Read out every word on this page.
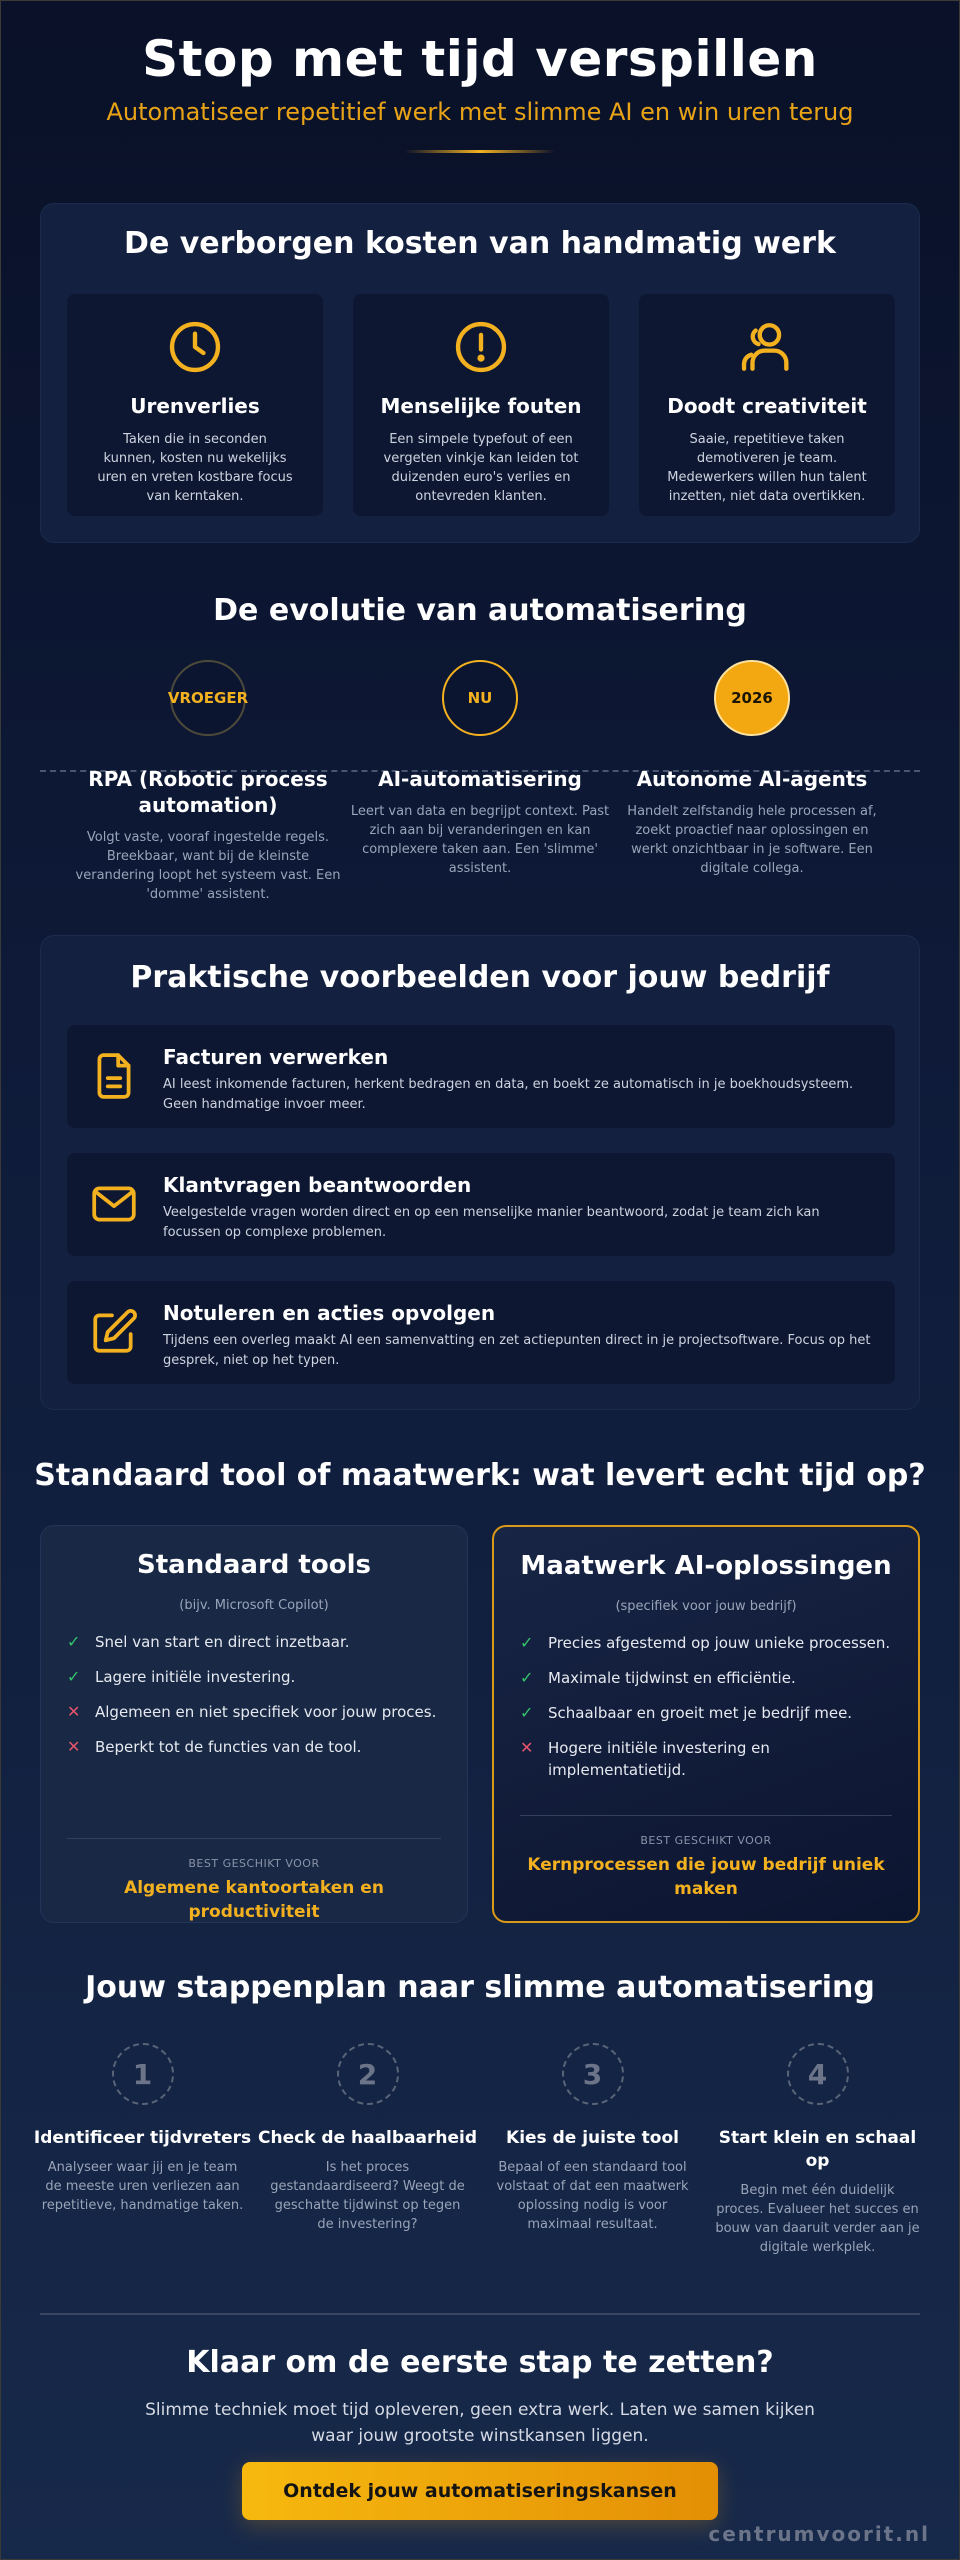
Stop met tijd verspillen
Automatiseer repetitief werk met slimme AI en win uren terug
De verborgen kosten van handmatig werk
Urenverlies

Taken die in seconden kunnen, kosten nu wekelijks uren en vreten kostbare focus van kerntaken.

Menselijke fouten

Een simpele typefout of een vergeten vinkje kan leiden tot duizenden euro's verlies en ontevreden klanten.

Doodt creativiteit

Saaie, repetitieve taken demotiveren je team. Medewerkers willen hun talent inzetten, niet data overtikken.

De evolutie van automatisering
VROEGER
RPA (Robotic process automation)

Volgt vaste, vooraf ingestelde regels. Breekbaar, want bij de kleinste verandering loopt het systeem vast. Een 'domme' assistent.

NU
AI-automatisering

Leert van data en begrijpt context. Past zich aan bij veranderingen en kan complexere taken aan. Een 'slimme' assistent.

2026
Autonome AI-agents

Handelt zelfstandig hele processen af, zoekt proactief naar oplossingen en werkt onzichtbaar in je software. Een digitale collega.

Praktische voorbeelden voor jouw bedrijf
Facturen verwerken

AI leest inkomende facturen, herkent bedragen en data, en boekt ze automatisch in je boekhoudsysteem. Geen handmatige invoer meer.

Klantvragen beantwoorden

Veelgestelde vragen worden direct en op een menselijke manier beantwoord, zodat je team zich kan focussen op complexe problemen.

Notuleren en acties opvolgen

Tijdens een overleg maakt AI een samenvatting en zet actiepunten direct in je projectsoftware. Focus op het gesprek, niet op het typen.

Standaard tool of maatwerk: wat levert echt tijd op?
Standaard tools
(bijv. Microsoft Copilot)
✓ Snel van start en direct inzetbaar.
✓ Lagere initiële investering.
✕ Algemeen en niet specifiek voor jouw proces.
✕ Beperkt tot de functies van de tool.
BEST GESCHIKT VOOR
Algemene kantoortaken en productiviteit
Maatwerk AI-oplossingen
(specifiek voor jouw bedrijf)
✓ Precies afgestemd op jouw unieke processen.
✓ Maximale tijdwinst en efficiëntie.
✓ Schaalbaar en groeit met je bedrijf mee.
✕ Hogere initiële investering en implementatietijd.
BEST GESCHIKT VOOR
Kernprocessen die jouw bedrijf uniek maken
Jouw stappenplan naar slimme automatisering
1
Identificeer tijdvreters

Analyseer waar jij en je team de meeste uren verliezen aan repetitieve, handmatige taken.

2
Check de haalbaarheid

Is het proces gestandaardiseerd? Weegt de geschatte tijdwinst op tegen de investering?

3
Kies de juiste tool

Bepaal of een standaard tool volstaat of dat een maatwerk oplossing nodig is voor maximaal resultaat.

4
Start klein en schaal op

Begin met één duidelijk proces. Evalueer het succes en bouw van daaruit verder aan je digitale werkplek.

Klaar om de eerste stap te zetten?

Slimme techniek moet tijd opleveren, geen extra werk. Laten we samen kijken waar jouw grootste winstkansen liggen.

Ontdek jouw automatiseringskansen
centrumvoorit.nl
